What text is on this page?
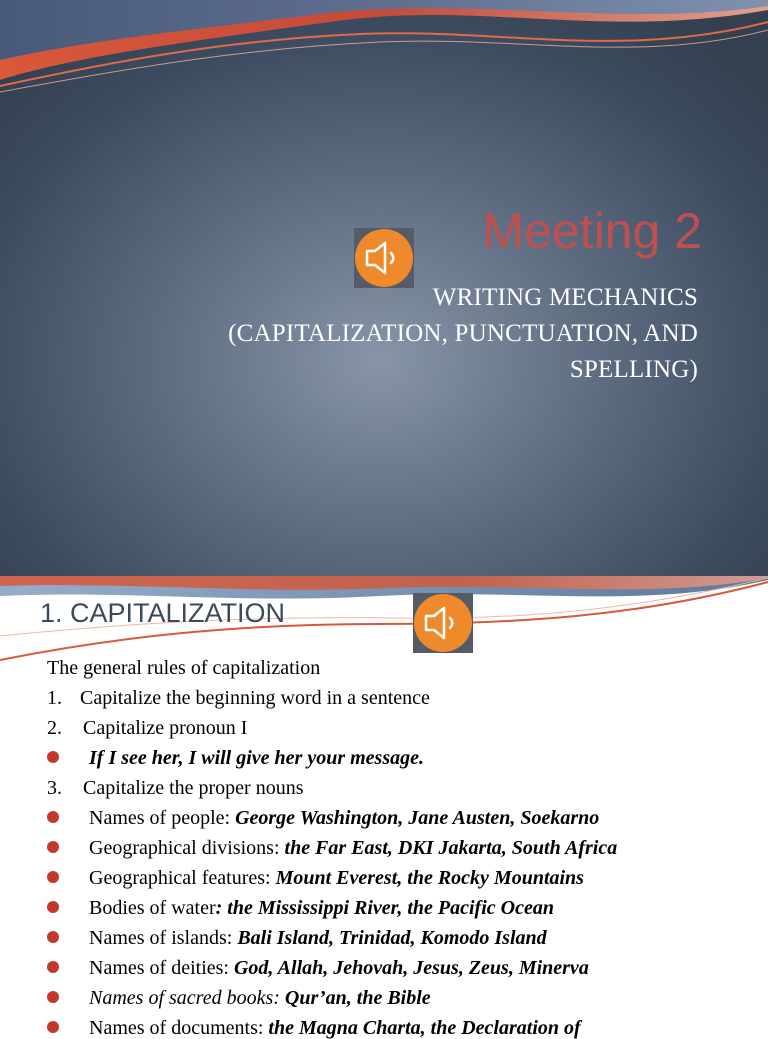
Meeting 2
WRITING MECHANICS
(CAPITALIZATION, PUNCTUATION, AND
SPELLING)
1. CAPITALIZATION
The general rules of capitalization
1. Capitalize the beginning word in a sentence
2. Capitalize pronoun I
If I see her, I will give her your message.
3. Capitalize the proper nouns
Names of people: George Washington, Jane Austen, Soekarno
Geographical divisions: the Far East, DKI Jakarta, South Africa
Geographical features: Mount Everest, the Rocky Mountains
Bodies of water: the Mississippi River, the Pacific Ocean
Names of islands: Bali Island, Trinidad, Komodo Island
Names of deities: God, Allah, Jehovah, Jesus, Zeus, Minerva
Names of sacred books: Qur’an, the Bible
Names of documents: the Magna Charta, the Declaration of
